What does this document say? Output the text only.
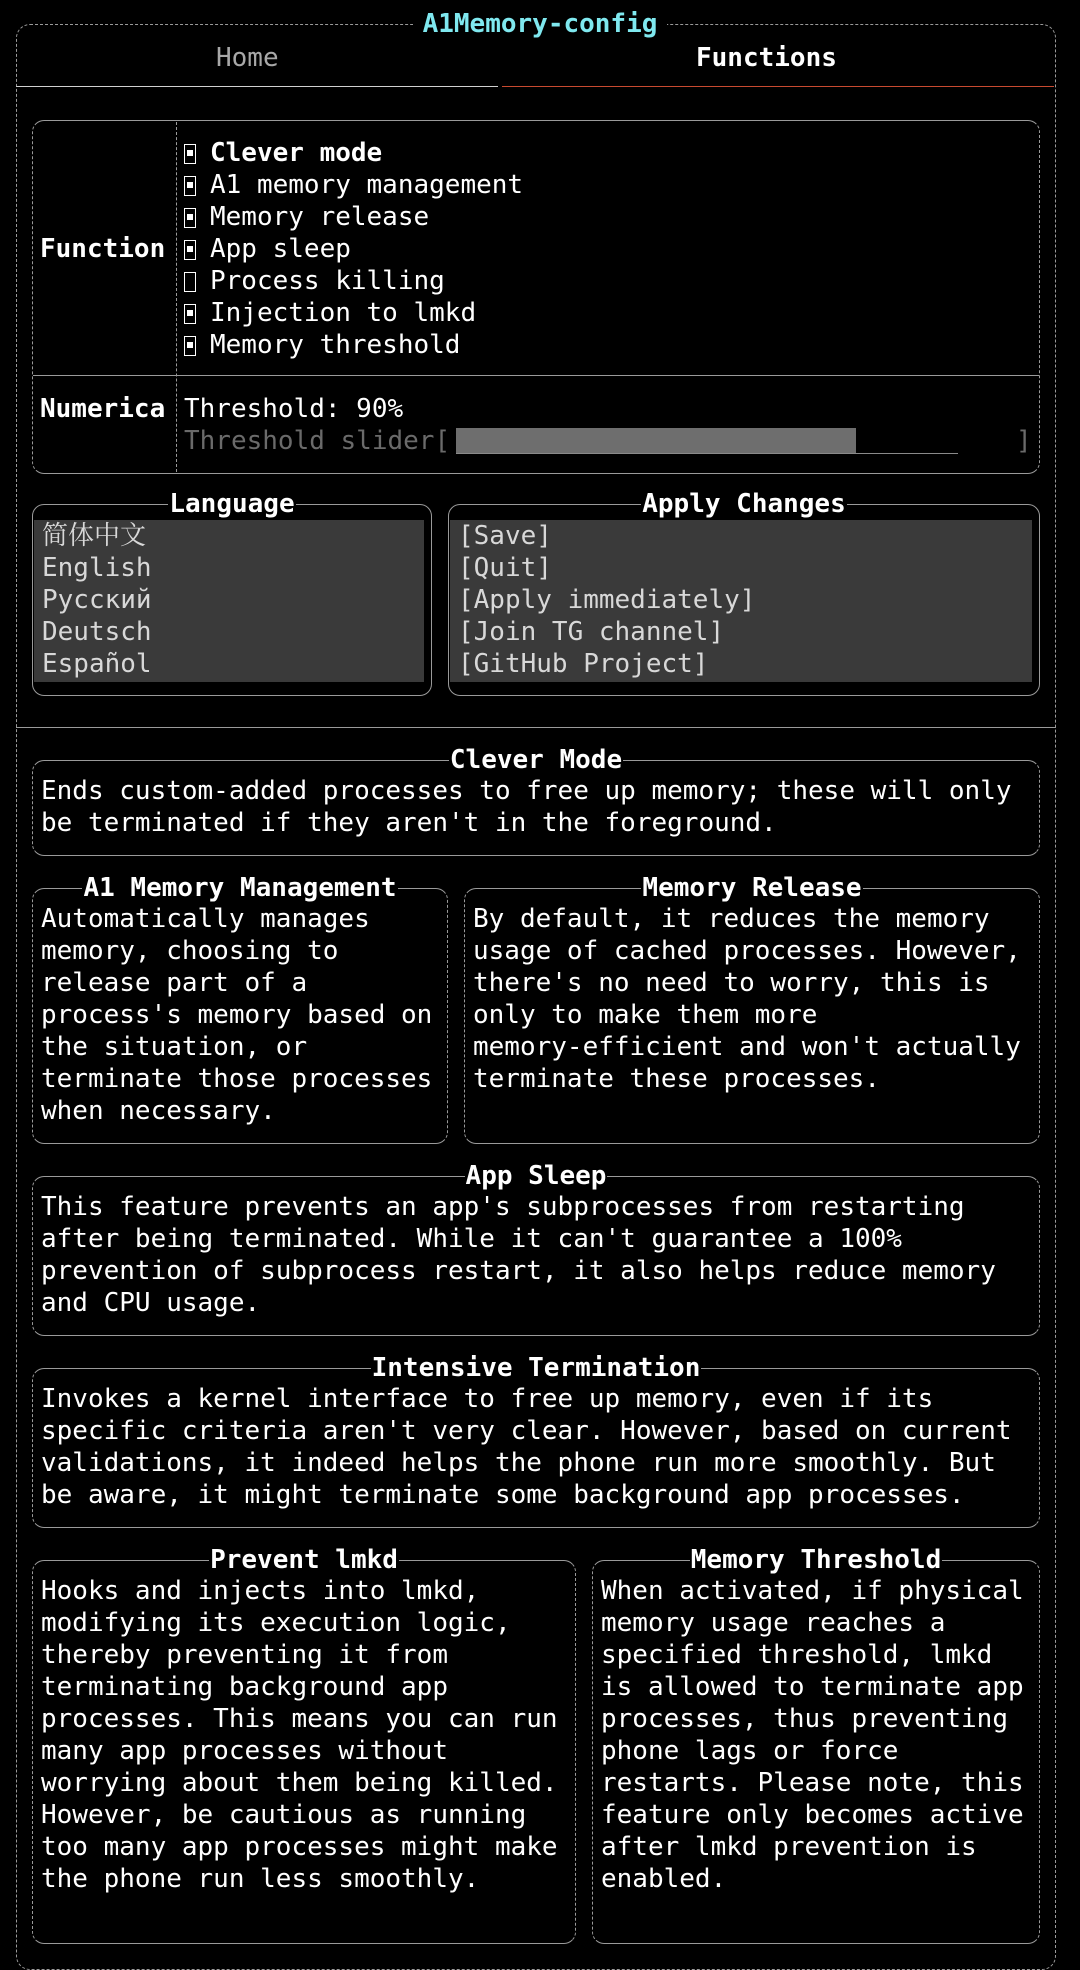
A1Memory-config
Home	Functions
Function
Clever mode
A1 memory management
Memory release
App sleep
Process killing
Injection to lmkd
Memory threshold
Numerica Threshold: 90%
Threshold slider[	]
Language
简体中文
English
Русский
Deutsch
Español
Apply Changes
[Save]
[Quit]
[Apply immediately]
[Join TG channel]
[GitHub Project]
Clever Mode
Ends custom-added processes to free up memory; these will only
be terminated if they aren't in the foreground.
A1 Memory Management
Automatically manages
memory, choosing to
release part of a
process's memory based on
the situation, or
terminate those processes
when necessary.
Memory Release
By default, it reduces the memory
usage of cached processes. However,
there's no need to worry, this is
only to make them more
memory-efficient and won't actually
terminate these processes.
App Sleep
This feature prevents an app's subprocesses from restarting
after being terminated. While it can't guarantee a 100%
prevention of subprocess restart, it also helps reduce memory
and CPU usage.
Intensive Termination
Invokes a kernel interface to free up memory, even if its
specific criteria aren't very clear. However, based on current
validations, it indeed helps the phone run more smoothly. But
be aware, it might terminate some background app processes.
Prevent lmkd
Hooks and injects into lmkd,
modifying its execution logic,
thereby preventing it from
terminating background app
processes. This means you can run
many app processes without
worrying about them being killed.
However, be cautious as running
too many app processes might make
the phone run less smoothly.
Memory Threshold
When activated, if physical
memory usage reaches a
specified threshold, lmkd
is allowed to terminate app
processes, thus preventing
phone lags or force
restarts. Please note, this
feature only becomes active
after lmkd prevention is
enabled.
